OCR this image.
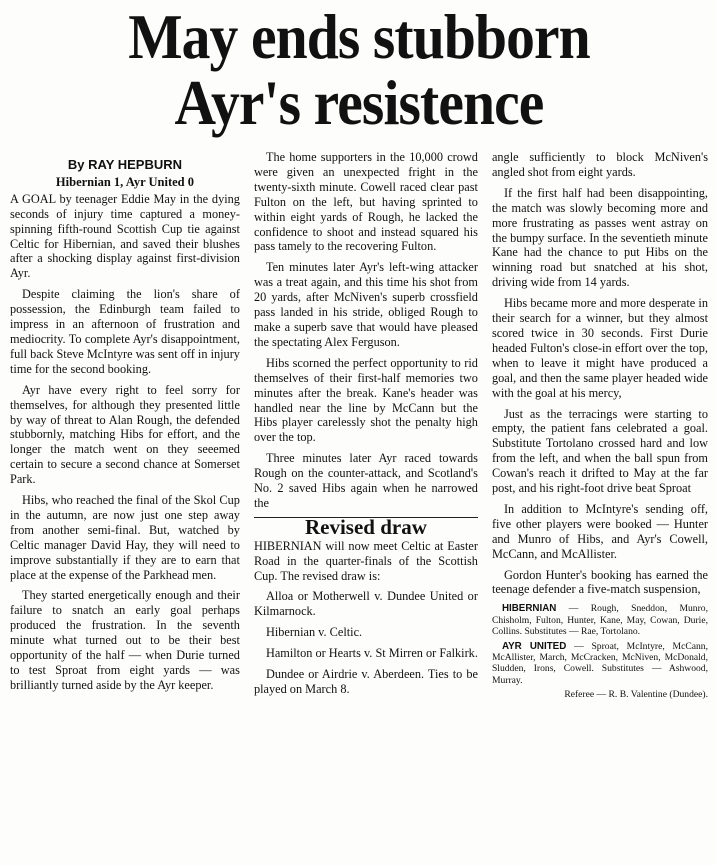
May ends stubborn
Ayr's resistence
By RAY HEPBURN
Hibernian 1, Ayr United 0

A GOAL by teenager Eddie May in the dying seconds of injury time captured a money-spinning fifth-round Scottish Cup tie against Celtic for Hibernian, and saved their blushes after a shocking display against first-division Ayr.

Despite claiming the lion's share of possession, the Edinburgh team failed to impress in an afternoon of frustration and mediocrity. To complete Ayr's disappointment, full back Steve McIntyre was sent off in injury time for the second booking.

Ayr have every right to feel sorry for themselves, for although they presented little by way of threat to Alan Rough, the defended stubbornly, matching Hibs for effort, and the longer the match went on they seeemed certain to secure a second chance at Somerset Park.

Hibs, who reached the final of the Skol Cup in the autumn, are now just one step away from another semi-final. But, watched by Celtic manager David Hay, they will need to improve substantially if they are to earn that place at the expense of the Parkhead men.

They started energetically enough and their failure to snatch an early goal perhaps produced the frustration. In the seventh minute what turned out to be their best opportunity of the half — when Durie turned to test Sproat from eight yards — was brilliantly turned aside by the Ayr keeper.

The home supporters in the 10,000 crowd were given an unexpected fright in the twenty-sixth minute. Cowell raced clear past Fulton on the left, but having sprinted to within eight yards of Rough, he lacked the confidence to shoot and instead squared his pass tamely to the recovering Fulton.

Ten minutes later Ayr's left-wing attacker was a treat again, and this time his shot from 20 yards, after McNiven's superb crossfield pass landed in his stride, obliged Rough to make a superb save that would have pleased the spectating Alex Ferguson.

Hibs scorned the perfect opportunity to rid themselves of their first-half memories two minutes after the break. Kane's header was handled near the line by McCann but the Hibs player carelessly shot the penalty high over the top.

Three minutes later Ayr raced towards Rough on the counter-attack, and Scotland's No. 2 saved Hibs again when he narrowed the

Revised draw

HIBERNIAN will now meet Celtic at Easter Road in the quarter-finals of the Scottish Cup. The revised draw is:

Alloa or Motherwell v. Dundee United or Kilmarnock.

Hibernian v. Celtic.

Hamilton or Hearts v. St Mirren or Falkirk.

Dundee or Airdrie v. Aberdeen. Ties to be played on March 8.

angle sufficiently to block McNiven's angled shot from eight yards.

If the first half had been disappointing, the match was slowly becoming more and more frustrating as passes went astray on the bumpy surface. In the seventieth minute Kane had the chance to put Hibs on the winning road but snatched at his shot, driving wide from 14 yards.

Hibs became more and more desperate in their search for a winner, but they almost scored twice in 30 seconds. First Durie headed Fulton's close-in effort over the top, when to leave it might have produced a goal, and then the same player headed wide with the goal at his mercy,

Just as the terracings were starting to empty, the patient fans celebrated a goal. Substitute Tortolano crossed hard and low from the left, and when the ball spun from Cowan's reach it drifted to May at the far post, and his right-foot drive beat Sproat

In addition to McIntyre's sending off, five other players were booked — Hunter and Munro of Hibs, and Ayr's Cowell, McCann, and McAllister.

Gordon Hunter's booking has earned the teenage defender a five-match suspension,

HIBERNIAN — Rough, Sneddon, Munro, Chisholm, Fulton, Hunter, Kane, May, Cowan, Durie, Collins. Substitutes — Rae, Tortolano.

AYR UNITED — Sproat, McIntyre, McCann, McAllister, March, McCracken, McNiven, McDonald, Sludden, Irons, Cowell. Substitutes — Ashwood, Murray.

Referee — R. B. Valentine (Dundee).
